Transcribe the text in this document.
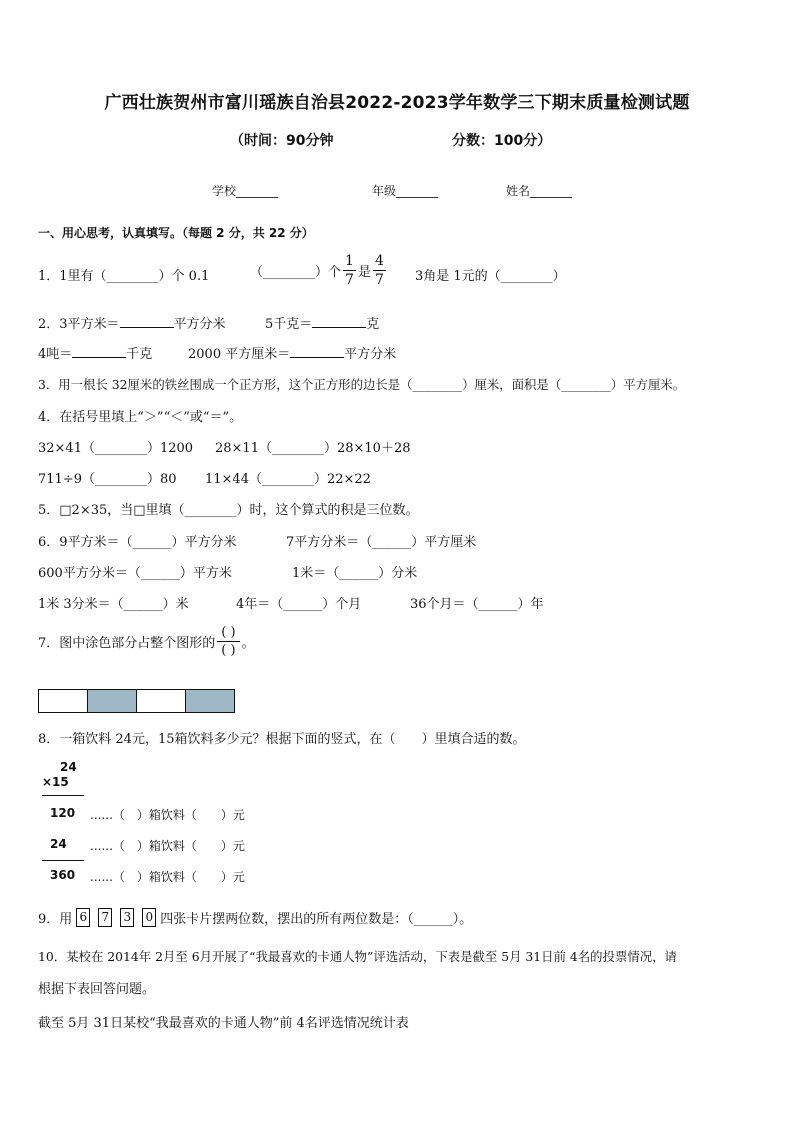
广西壮族贺州市富川瑶族自治县2022-2023学年数学三下期末质量检测试题
（时间：90分钟	分数：100分）
学校_______	年级_______	姓名_______
一、用心思考，认真填写。（每题 2 分，共 22 分）
1．1里有（________）个 0.1	（________）个 $\frac{1}{7}$ 是 $\frac{4}{7} 3$角是 1元的（________）
2．3平方米＝	平方分米	5千克＝	克
4吨＝	千克	2000 平方厘米＝	平方分米
3．用一根长 32厘米的铁丝围成一个正方形，这个正方形的边长是（________）厘米，面积是（________）平方厘米。
4．在括号里填上“＞”“＜”或“＝”。
32×41（________）1200 28×11（________）28×10＋28
711÷9（________）80 11×44（________）22×22
5．□2×35，当□里填（________）时，这个算式的积是三位数。
6．9平方米＝（______）平方分米	7平方分米＝（______）平方厘米
600平方分米＝（______）平方米	1米＝（______）分米
1米 3分米＝（______）米	4年＝（______）个月	36个月＝（______）年
7．图中涂色部分占整个图形的 $\frac{( )}{( )}$ 。
8．一箱饮料 24元，15箱饮料多少元？根据下面的竖式，在（　　）里填合适的数。
24
×15
120 ......（　）箱饮料（　　）元
24 ......（　）箱饮料（　　）元
360 ......（　）箱饮料（　　）元
9．用 6 7 3 0 四张卡片摆两位数，摆出的所有两位数是：（______）。
10．某校在 2014年 2月至 6月开展了“我最喜欢的卡通人物”评选活动，下表是截至 5月 31日前 4名的投票情况，请
根据下表回答问题。
截至 5月 31日某校“我最喜欢的卡通人物”前 4名评选情况统计表
